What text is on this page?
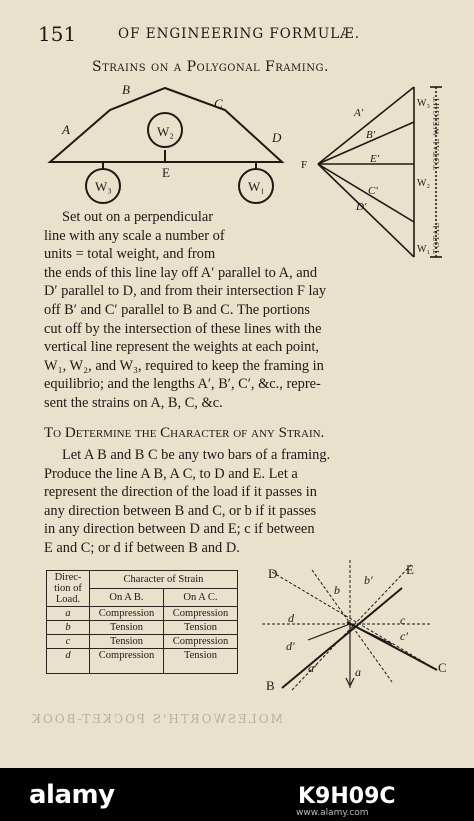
151	OF ENGINEERING FORMULÆ.
Strains on a Polygonal Framing.
A
B
C
D
E
W₂
W₃	W₁
A′
B′
E′
C′
D′
F
W₁
W₂
W₃ TOTAL WEIGHT
TOTAL
Set out on a perpendicular
line with any scale a number of
units = total weight, and from
the ends of this line lay off A′ parallel to A, and
D′ parallel to D, and from their intersection F lay
off B′ and C′ parallel to B and C. The portions
cut off by the intersection of these lines with the
vertical line represent the weights at each point,
W₁, W₂, and W₃, required to keep the framing in
equilibrio; and the lengths A′, B′, C′, &c., repre-
sent the strains on A, B, C, &c.
To Determine the Character of any Strain.
Let A B and B C be any two bars of a framing.
Produce the line A B, A C, to D and E. Let a
represent the direction of the load if it passes in
any direction between B and C, or b if it passes
in any direction between D and E; c if between
E and C; or d if between B and D.
Direc-tion of Load.	Character of Strain	
	On A B.	On A C.
a	Compression	Compression
b	Tension	Tension
c	Tension	Compression
d	Compression	Tension
D	E
B
C
a
b
c
d
b′
c′
d′
a′
MOLESWORTH'S POCKET-BOOK
alamy	K9H09C
www.alamy.com
